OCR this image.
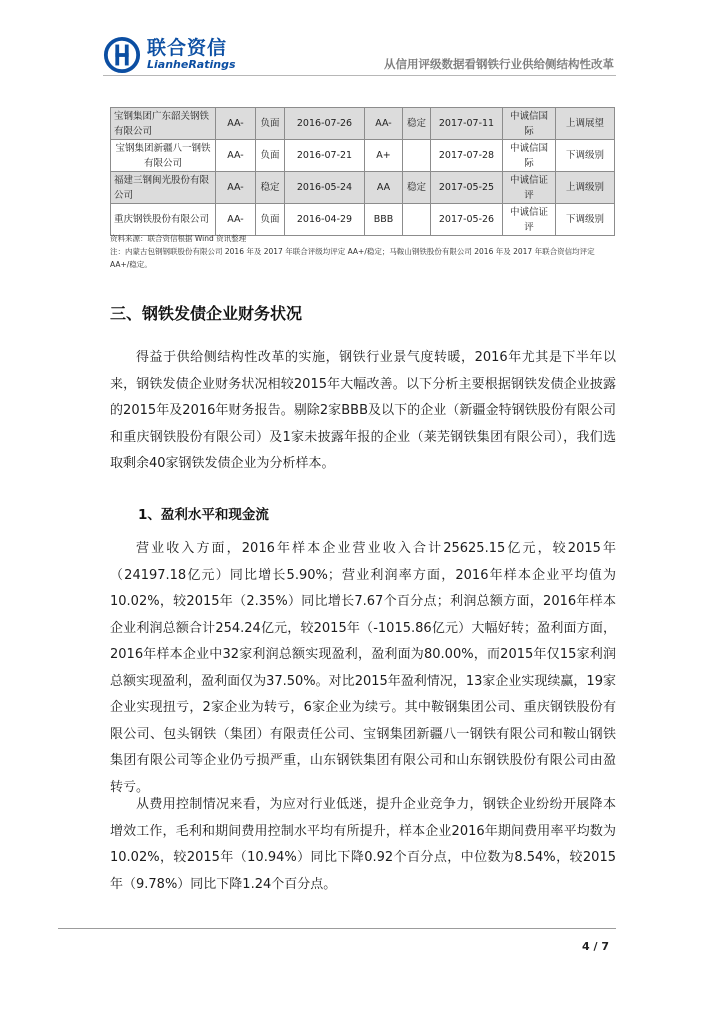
联合资信
LianheRatings	从信用评级数据看钢铁行业供给侧结构性改革
宝钢集团广东韶关钢铁有限公司	AA-	负面	2016-07-26	AA-	稳定	2017-07-11	中诚信国际	上调展望
宝钢集团新疆八一钢铁有限公司	AA-	负面	2016-07-21	A+		2017-07-28	中诚信国际	下调级别
福建三钢闽光股份有限公司	AA-	稳定	2016-05-24	AA	稳定	2017-05-25	中诚信证评	上调级别
重庆钢铁股份有限公司	AA-	负面	2016-04-29	BBB		2017-05-26	中诚信证评	下调级别
资料来源：联合资信根据 Wind 资讯整理
注：内蒙古包钢钢联股份有限公司 2016 年及 2017 年联合评级均评定 AA+/稳定；马鞍山钢铁股份有限公司 2016 年及 2017 年联合资信均评定 AA+/稳定。
三、钢铁发债企业财务状况

得益于供给侧结构性改革的实施，钢铁行业景气度转暖，2016年尤其是下半年以来，钢铁发债企业财务状况相较2015年大幅改善。以下分析主要根据钢铁发债企业披露的2015年及2016年财务报告。剔除2家BBB及以下的企业（新疆金特钢铁股份有限公司和重庆钢铁股份有限公司）及1家未披露年报的企业（莱芜钢铁集团有限公司），我们选取剩余40家钢铁发债企业为分析样本。

1、盈利水平和现金流

营业收入方面，2016年样本企业营业收入合计25625.15亿元，较2015年（24197.18亿元）同比增长5.90%；营业利润率方面，2016年样本企业平均值为10.02%，较2015年（2.35%）同比增长7.67个百分点；利润总额方面，2016年样本企业利润总额合计254.24亿元，较2015年（-1015.86亿元）大幅好转；盈利面方面，2016年样本企业中32家利润总额实现盈利，盈利面为80.00%，而2015年仅15家利润总额实现盈利，盈利面仅为37.50%。对比2015年盈利情况，13家企业实现续赢，19家企业实现扭亏，2家企业为转亏，6家企业为续亏。其中鞍钢集团公司、重庆钢铁股份有限公司、包头钢铁（集团）有限责任公司、宝钢集团新疆八一钢铁有限公司和鞍山钢铁集团有限公司等企业仍亏损严重，山东钢铁集团有限公司和山东钢铁股份有限公司由盈转亏。

从费用控制情况来看，为应对行业低迷，提升企业竞争力，钢铁企业纷纷开展降本增效工作，毛利和期间费用控制水平均有所提升，样本企业2016年期间费用率平均数为10.02%，较2015年（10.94%）同比下降0.92个百分点，中位数为8.54%，较2015年（9.78%）同比下降1.24个百分点。

4 / 7
